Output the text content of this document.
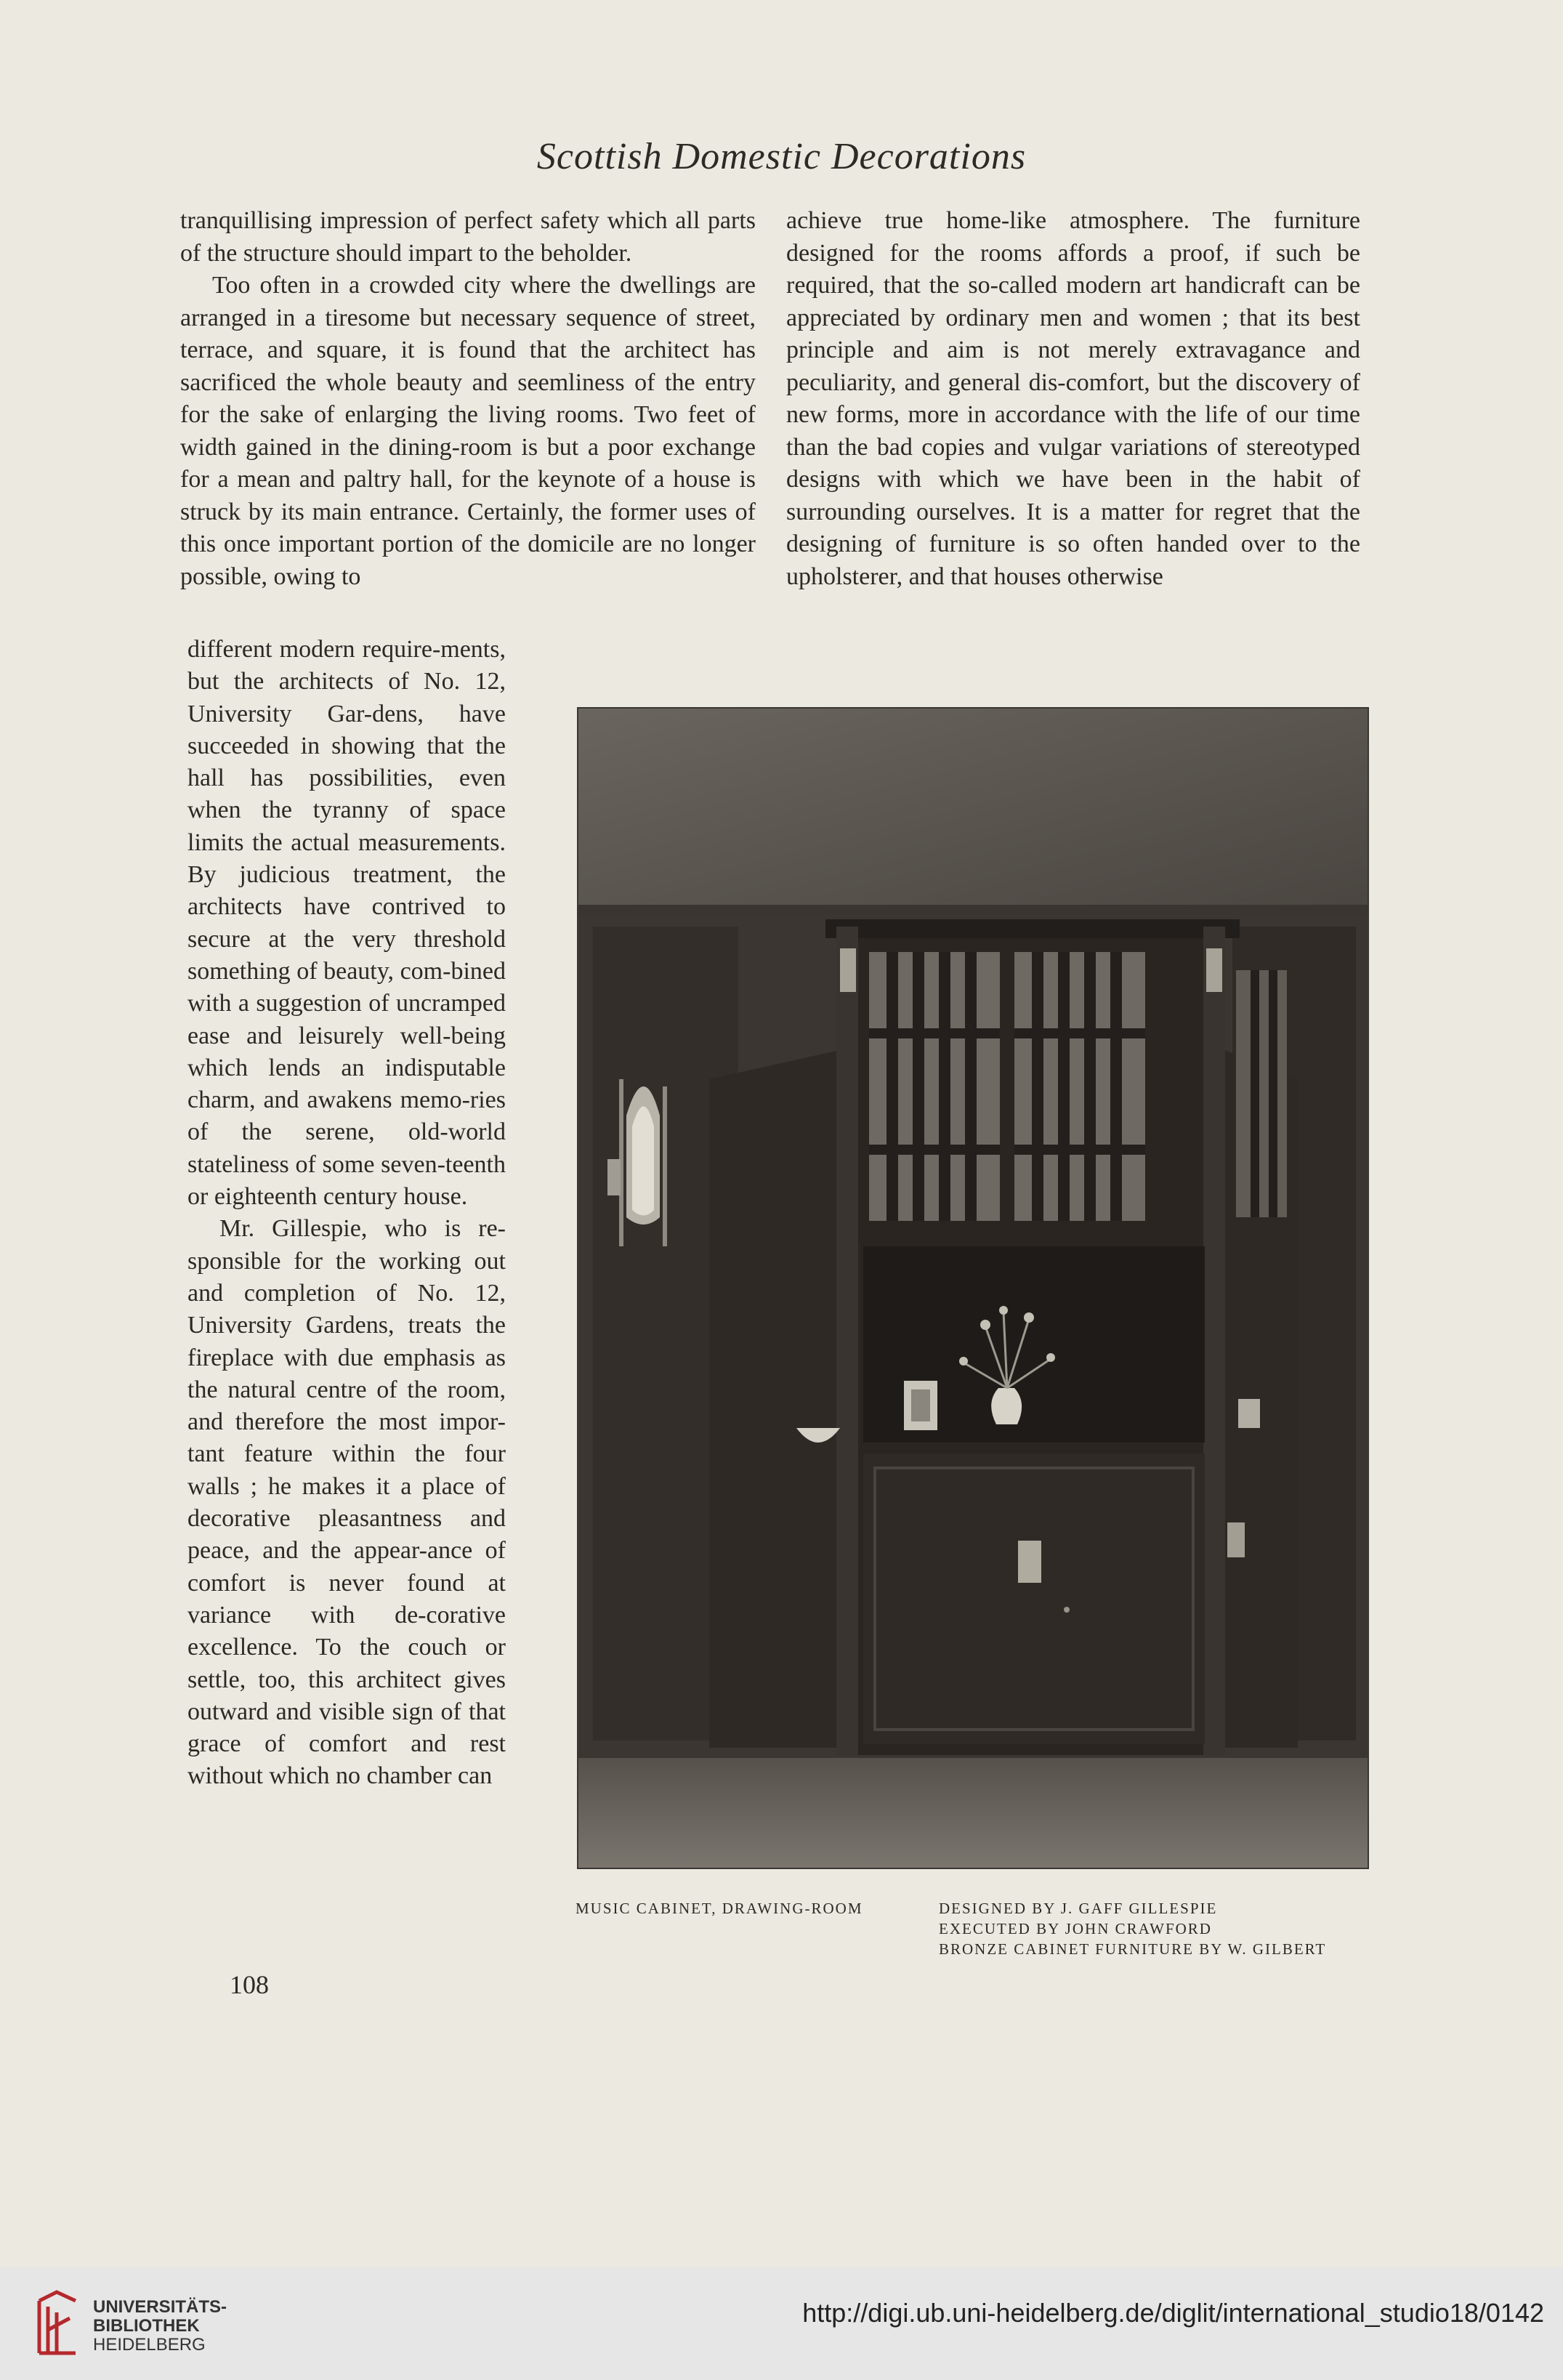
Scottish Domestic Decorations

tranquillising impression of perfect safety which all parts of the structure should impart to the beholder.

Too often in a crowded city where the dwellings are arranged in a tiresome but necessary sequence of street, terrace, and square, it is found that the architect has sacrificed the whole beauty and seemliness of the entry for the sake of enlarging the living rooms. Two feet of width gained in the dining-room is but a poor exchange for a mean and paltry hall, for the keynote of a house is struck by its main entrance. Certainly, the former uses of this once important portion of the domicile are no longer possible, owing to

achieve true home-like atmosphere. The furniture designed for the rooms affords a proof, if such be required, that the so-called modern art handicraft can be appreciated by ordinary men and women ; that its best principle and aim is not merely extravagance and peculiarity, and general dis-comfort, but the discovery of new forms, more in accordance with the life of our time than the bad copies and vulgar variations of stereotyped designs with which we have been in the habit of surrounding ourselves. It is a matter for regret that the designing of furniture is so often handed over to the upholsterer, and that houses otherwise

different modern require-ments, but the architects of No. 12, University Gar-dens, have succeeded in showing that the hall has possibilities, even when the tyranny of space limits the actual measurements. By judicious treatment, the architects have contrived to secure at the very threshold something of beauty, com-bined with a suggestion of uncramped ease and leisurely well-being which lends an indisputable charm, and awakens memo-ries of the serene, old-world stateliness of some seven-teenth or eighteenth century house.

Mr. Gillespie, who is re-sponsible for the working out and completion of No. 12, University Gardens, treats the fireplace with due emphasis as the natural centre of the room, and therefore the most impor-tant feature within the four walls ; he makes it a place of decorative pleasantness and peace, and the appear-ance of comfort is never found at variance with de-corative excellence. To the couch or settle, too, this architect gives outward and visible sign of that grace of comfort and rest without which no chamber can

108
MUSIC CABINET, DRAWING-ROOM	DESIGNED BY J. GAFF GILLESPIE
EXECUTED BY JOHN CRAWFORD
BRONZE CABINET FURNITURE BY W. GILBERT
UNIVERSITÄTS-
BIBLIOTHEK
HEIDELBERG
http://digi.ub.uni-heidelberg.de/diglit/international_studio18/0142
